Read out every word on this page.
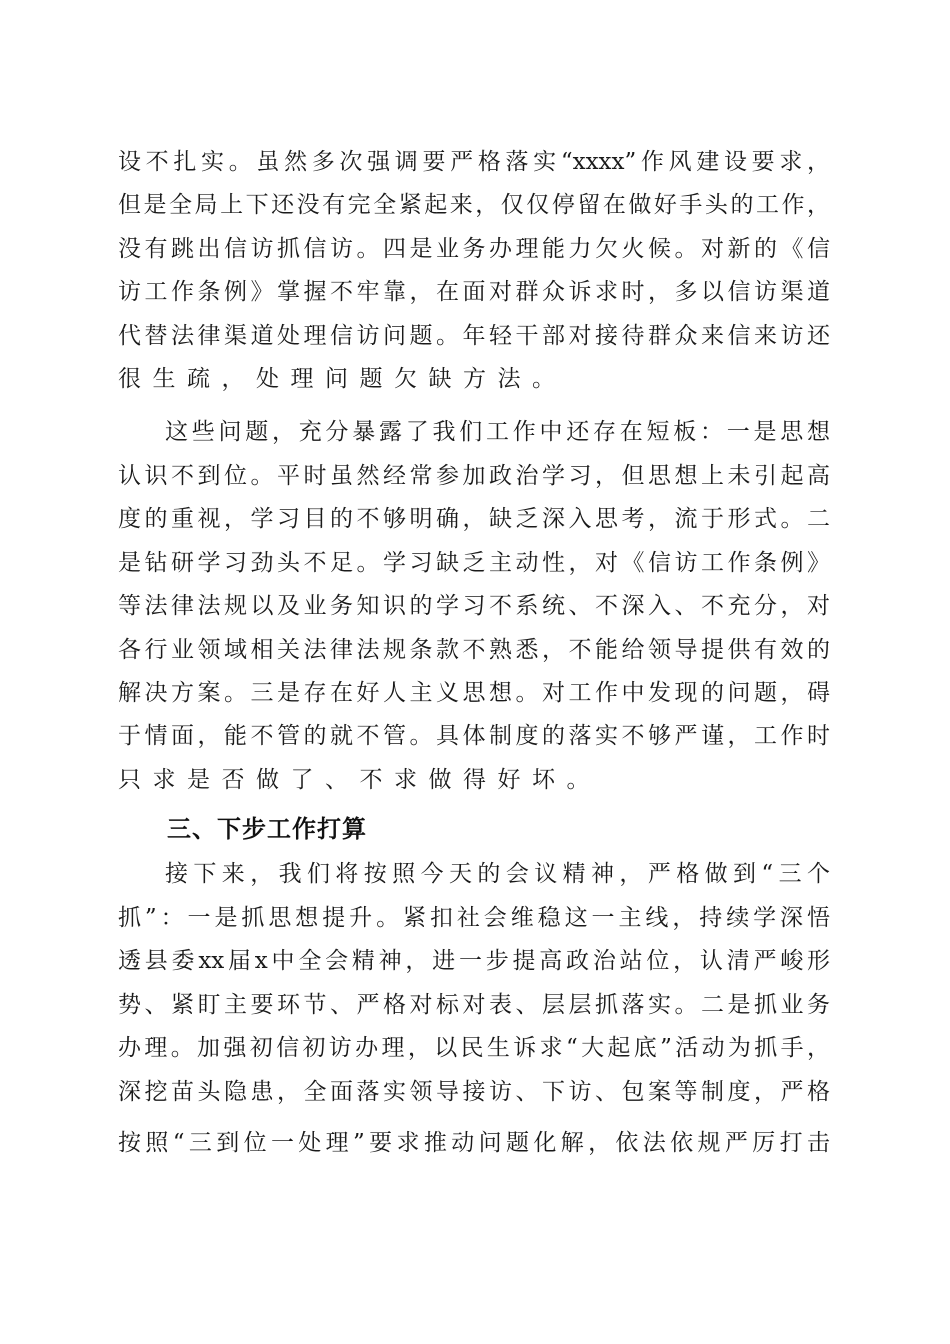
设不扎实。虽然多次强调要严格落实“xxxx”作风建设要求，
但是全局上下还没有完全紧起来，仅仅停留在做好手头的工作，
没有跳出信访抓信访。四是业务办理能力欠火候。对新的《信
访工作条例》掌握不牢靠，在面对群众诉求时，多以信访渠道
代替法律渠道处理信访问题。年轻干部对接待群众来信来访还
很生疏，处理问题欠缺方法。
这些问题，充分暴露了我们工作中还存在短板：一是思想
认识不到位。平时虽然经常参加政治学习，但思想上未引起高
度的重视，学习目的不够明确，缺乏深入思考，流于形式。二
是钻研学习劲头不足。学习缺乏主动性，对《信访工作条例》
等法律法规以及业务知识的学习不系统、不深入、不充分，对
各行业领域相关法律法规条款不熟悉，不能给领导提供有效的
解决方案。三是存在好人主义思想。对工作中发现的问题，碍
于情面，能不管的就不管。具体制度的落实不够严谨，工作时
只求是否做了、不求做得好坏。
三、下步工作打算
接下来，我们将按照今天的会议精神，严格做到“三个
抓”：一是抓思想提升。紧扣社会维稳这一主线，持续学深悟
透县委xx届x中全会精神，进一步提高政治站位，认清严峻形
势、紧盯主要环节、严格对标对表、层层抓落实。二是抓业务
办理。加强初信初访办理，以民生诉求“大起底”活动为抓手，
深挖苗头隐患，全面落实领导接访、下访、包案等制度，严格
按照“三到位一处理”要求推动问题化解，依法依规严厉打击
